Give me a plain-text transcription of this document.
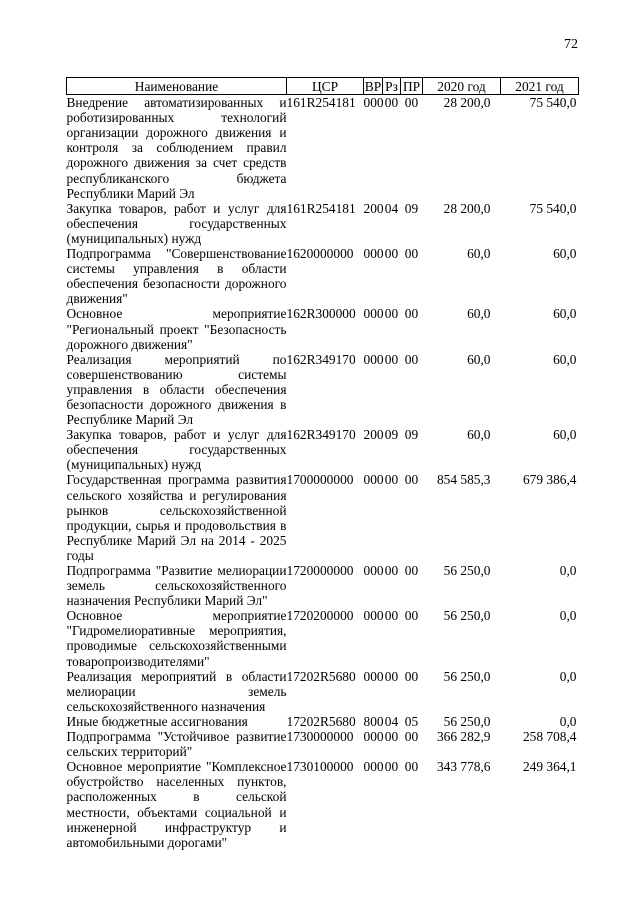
72
Наименование	ЦСР	ВР	Рз	ПР	2020 год	2021 год
Внедрение автоматизированных и роботизированных технологий организации дорожного движения и контроля за соблюдением правил дорожного движения за счет средств республиканского бюджета Республики Марий Эл	161R254181	000	00	00	28 200,0	75 540,0
Закупка товаров, работ и услуг для обеспечения государственных (муниципальных) нужд	161R254181	200	04	09	28 200,0	75 540,0
Подпрограмма "Совершенствование системы управления в области обеспечения безопасности дорожного движения"	1620000000	000	00	00	60,0	60,0
Основное мероприятие "Региональный проект "Безопасность дорожного движения"	162R300000	000	00	00	60,0	60,0
Реализация мероприятий по совершенствованию системы управления в области обеспечения безопасности дорожного движения в Республике Марий Эл	162R349170	000	00	00	60,0	60,0
Закупка товаров, работ и услуг для обеспечения государственных (муниципальных) нужд	162R349170	200	09	09	60,0	60,0
Государственная программа развития сельского хозяйства и регулирования рынков сельскохозяйственной продукции, сырья и продовольствия в Республике Марий Эл на 2014 - 2025 годы	1700000000	000	00	00	854 585,3	679 386,4
Подпрограмма "Развитие мелиорации земель сельскохозяйственного назначения Республики Марий Эл"	1720000000	000	00	00	56 250,0	0,0
Основное мероприятие "Гидромелиоративные мероприятия, проводимые сельскохозяйственными товаропроизводителями"	1720200000	000	00	00	56 250,0	0,0
Реализация мероприятий в области мелиорации земель сельскохозяйственного назначения	17202R5680	000	00	00	56 250,0	0,0
Иные бюджетные ассигнования	17202R5680	800	04	05	56 250,0	0,0
Подпрограмма "Устойчивое развитие сельских территорий"	1730000000	000	00	00	366 282,9	258 708,4
Основное мероприятие "Комплексное обустройство населенных пунктов, расположенных в сельской местности, объектами социальной и инженерной инфраструктур и автомобильными дорогами"	1730100000	000	00	00	343 778,6	249 364,1
